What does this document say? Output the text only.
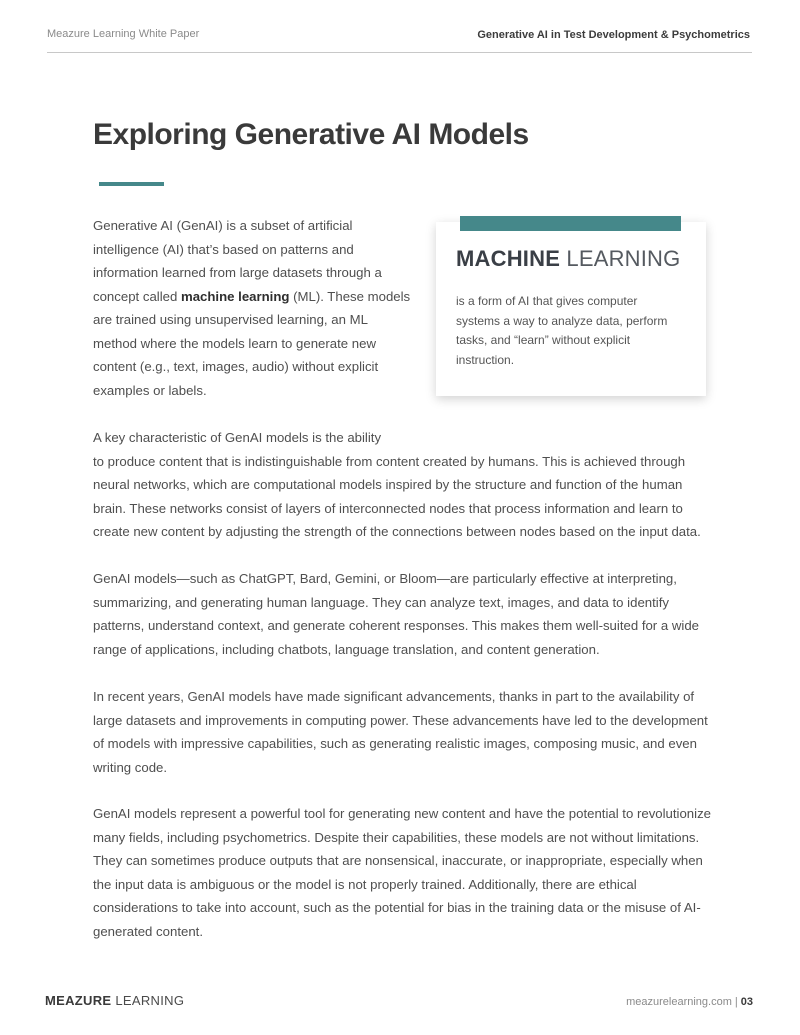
Meazure Learning White Paper	Generative AI in Test Development & Psychometrics
Exploring Generative AI Models
Generative AI (GenAI) is a subset of artificial intelligence (AI) that’s based on patterns and information learned from large datasets through a concept called machine learning (ML). These models are trained using unsupervised learning, an ML method where the models learn to generate new content (e.g., text, images, audio) without explicit examples or labels.
MACHINE LEARNING
is a form of AI that gives computer systems a way to analyze data, perform tasks, and “learn” without explicit instruction.
A key characteristic of GenAI models is the ability
to produce content that is indistinguishable from content created by humans. This is achieved through neural networks, which are computational models inspired by the structure and function of the human brain. These networks consist of layers of interconnected nodes that process information and learn to create new content by adjusting the strength of the connections between nodes based on the input data.
GenAI models—such as ChatGPT, Bard, Gemini, or Bloom—are particularly effective at interpreting, summarizing, and generating human language. They can analyze text, images, and data to identify patterns, understand context, and generate coherent responses. This makes them well-suited for a wide range of applications, including chatbots, language translation, and content generation.
In recent years, GenAI models have made significant advancements, thanks in part to the availability of large datasets and improvements in computing power. These advancements have led to the development of models with impressive capabilities, such as generating realistic images, composing music, and even writing code.
GenAI models represent a powerful tool for generating new content and have the potential to revolutionize many fields, including psychometrics. Despite their capabilities, these models are not without limitations. They can sometimes produce outputs that are nonsensical, inaccurate, or inappropriate, especially when the input data is ambiguous or the model is not properly trained. Additionally, there are ethical considerations to take into account, such as the potential for bias in the training data or the misuse of AI-generated content.
MEAZURE LEARNING	meazurelearning.com | 03
